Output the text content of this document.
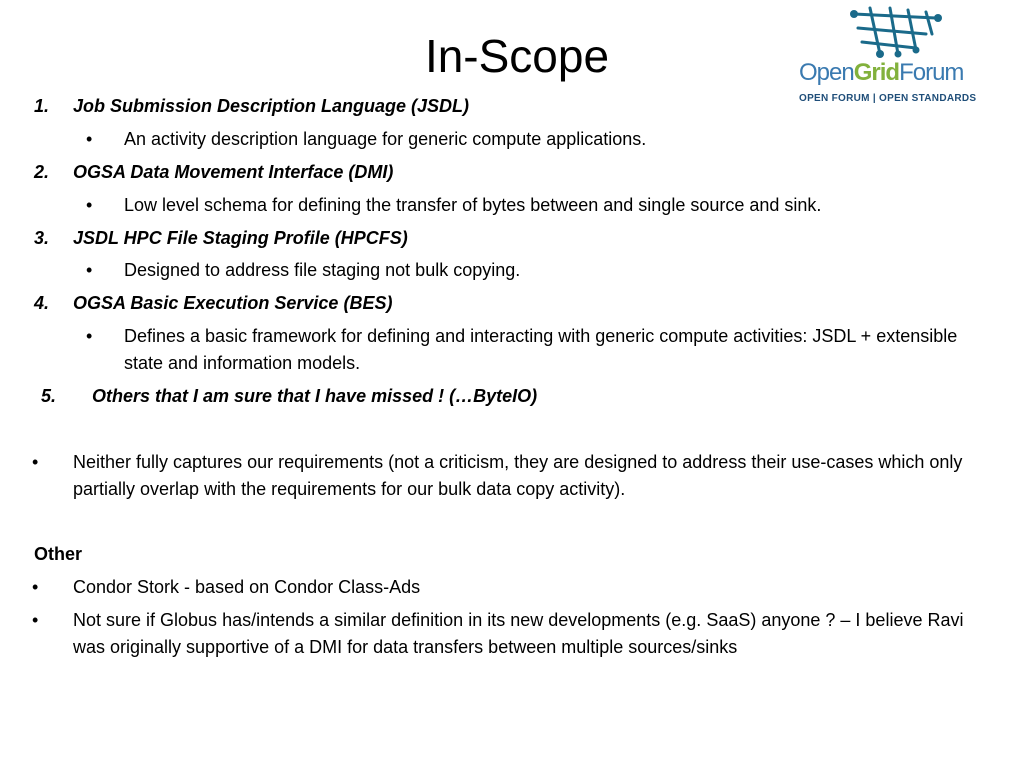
In-Scope	OpenGridForum
OPEN FORUM | OPEN STANDARDS
1. Job Submission Description Language (JSDL)
• An activity description language for generic compute applications.
2. OGSA Data Movement Interface (DMI)
• Low level schema for defining the transfer of bytes between and single source and sink.
3. JSDL HPC File Staging Profile (HPCFS)
• Designed to address file staging not bulk copying.
4. OGSA Basic Execution Service (BES)
• Defines a basic framework for defining and interacting with generic compute activities: JSDL + extensible state and information models.
5. Others that I am sure that I have missed ! (…ByteIO)
• Neither fully captures our requirements (not a criticism, they are designed to address their use-cases which only partially overlap with the requirements for our bulk data copy activity).
Other
• Condor Stork - based on Condor Class-Ads
• Not sure if Globus has/intends a similar definition in its new developments (e.g. SaaS) anyone ? – I believe Ravi was originally supportive of a DMI for data transfers between multiple sources/sinks
